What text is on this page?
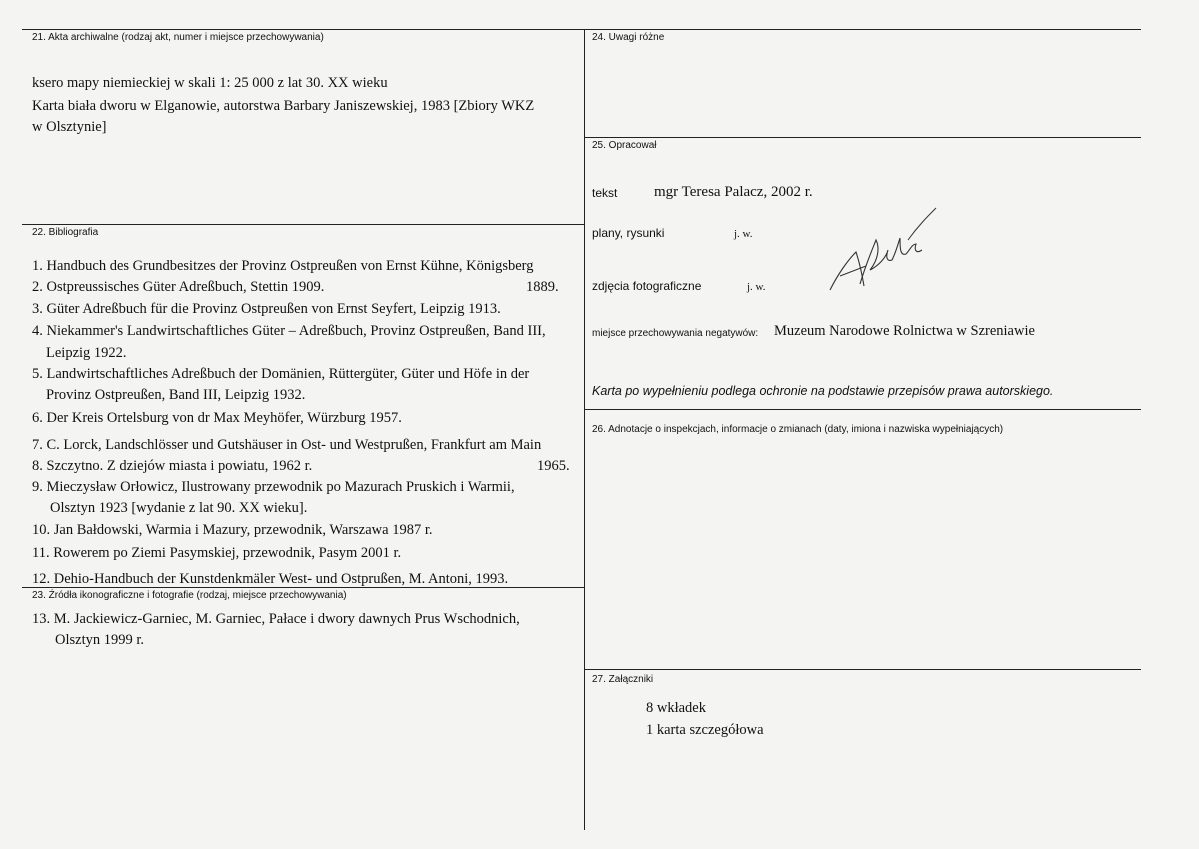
21. Akta archiwalne (rodzaj akt, numer i miejsce przechowywania)
ksero mapy niemieckiej w skali 1: 25 000 z lat 30. XX wieku
Karta biała dworu w Elganowie, autorstwa Barbary Janiszewskiej, 1983 [Zbiory WKZ
w Olsztynie]
22. Bibliografia
1. Handbuch des Grundbesitzes der Provinz Ostpreußen von Ernst Kühne, Königsberg
2. Ostpreussisches Güter Adreßbuch, Stettin 1909.	1889.
3. Güter Adreßbuch für die Provinz Ostpreußen von Ernst Seyfert, Leipzig 1913.
4. Niekammer's Landwirtschaftliches Güter – Adreßbuch, Provinz Ostpreußen, Band III,
Leipzig 1922.
5. Landwirtschaftliches Adreßbuch der Domänien, Rüttergüter, Güter und Höfe in der
Provinz Ostpreußen, Band III, Leipzig 1932.
6. Der Kreis Ortelsburg von dr Max Meyhöfer, Würzburg 1957.
7. C. Lorck, Landschlösser und Gutshäuser in Ost- und Westprußen, Frankfurt am Main
8. Szczytno. Z dziejów miasta i powiatu, 1962 r.	1965.
9. Mieczysław Orłowicz, Ilustrowany przewodnik po Mazurach Pruskich i Warmii,
Olsztyn 1923 [wydanie z lat 90. XX wieku].
10. Jan Bałdowski, Warmia i Mazury, przewodnik, Warszawa 1987 r.
11. Rowerem po Ziemi Pasymskiej, przewodnik, Pasym 2001 r.
12. Dehio-Handbuch der Kunstdenkmäler West- und Ostprußen, M. Antoni, 1993.
23. Źródła ikonograficzne i fotografie (rodzaj, miejsce przechowywania)
13. M. Jackiewicz-Garniec, M. Garniec, Pałace i dwory dawnych Prus Wschodnich,
Olsztyn 1999 r.
24. Uwagi różne
25. Opracował
tekst mgr Teresa Palacz, 2002 r.
plany, rysunki	j. w.
zdjęcia fotograficzne	j. w.
miejsce przechowywania negatywów: Muzeum Narodowe Rolnictwa w Szreniawie
Karta po wypełnieniu podlega ochronie na podstawie przepisów prawa autorskiego.
26. Adnotacje o inspekcjach, informacje o zmianach (daty, imiona i nazwiska wypełniających)
27. Załączniki
8 wkładek
1 karta szczegółowa
